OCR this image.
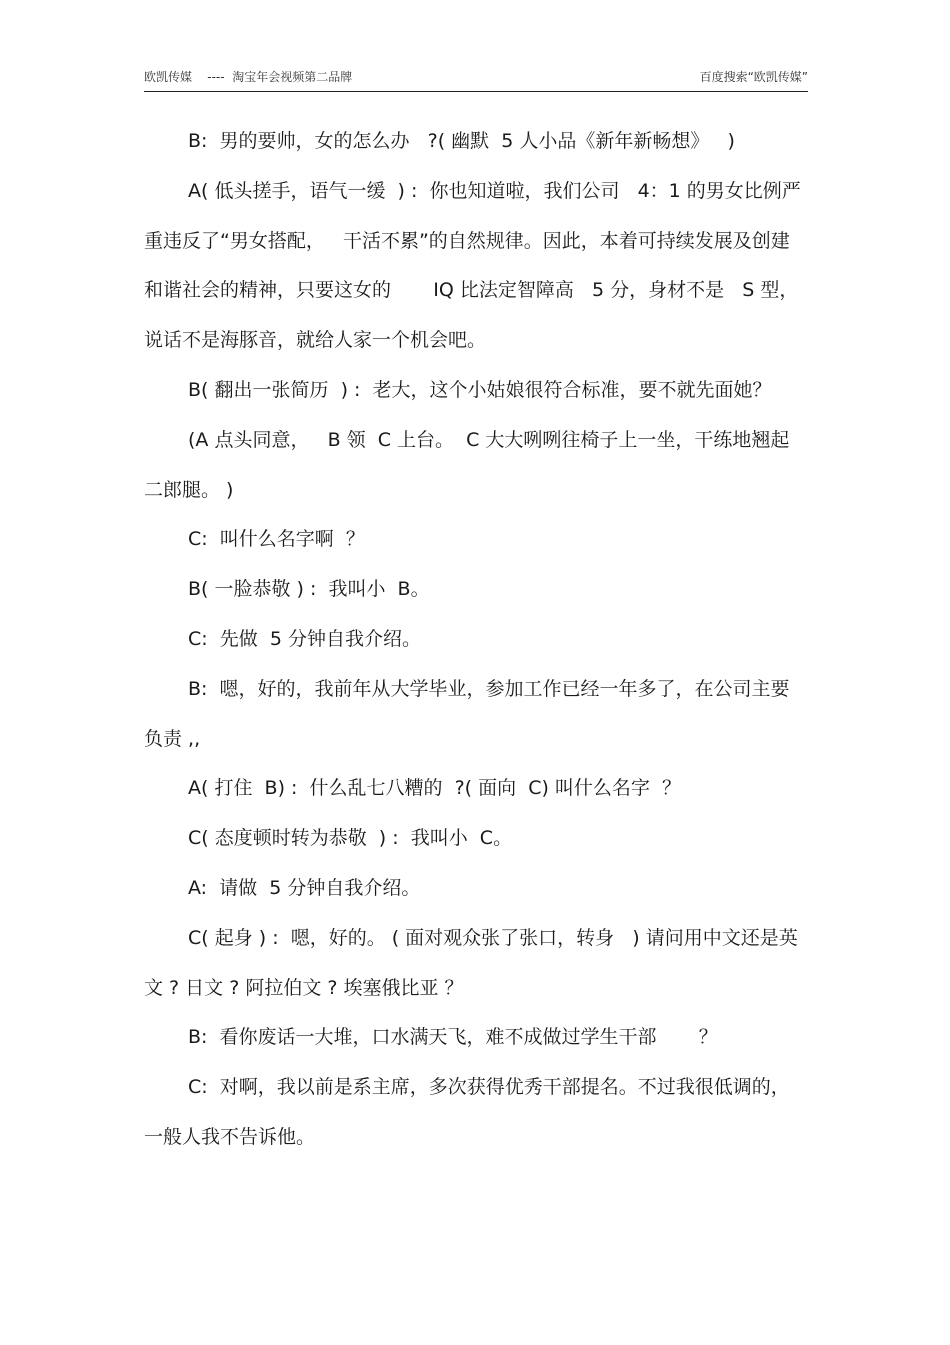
欧凯传媒    ----  淘宝年会视频第二品牌	百度搜索“欧凯传媒”

B:  男的要帅，女的怎么办   ?( 幽默  5 人小品《新年新畅想》   )

A( 低头搓手，语气一缓  ) :  你也知道啦，我们公司   4：1 的男女比例严重违反了“男女搭配，   干活不累”的自然规律。因此，本着可持续发展及创建和谐社会的精神，只要这女的       IQ 比法定智障高   5 分，身材不是   S 型，说话不是海豚音，就给人家一个机会吧。

B( 翻出一张简历  ) :  老大，这个小姑娘很符合标准，要不就先面她？

(A 点头同意，   B 领  C 上台。  C 大大咧咧往椅子上一坐，干练地翘起二郎腿。 )

C:  叫什么名字啊  ？

B( 一脸恭敬 ) :  我叫小  B。

C:  先做  5 分钟自我介绍。

B:  嗯，好的，我前年从大学毕业，参加工作已经一年多了，在公司主要负责 ,,

A( 打住  B) :  什么乱七八糟的  ?( 面向  C) 叫什么名字  ？

C( 态度顿时转为恭敬  ) :  我叫小  C。

A:  请做  5 分钟自我介绍。

C( 起身 ) :  嗯，好的。 ( 面对观众张了张口，转身   ) 请问用中文还是英文 ? 日文 ? 阿拉伯文 ? 埃塞俄比亚 ？

B:  看你废话一大堆，口水满天飞，难不成做过学生干部       ？

C:  对啊，我以前是系主席，多次获得优秀干部提名。不过我很低调的，一般人我不告诉他。
